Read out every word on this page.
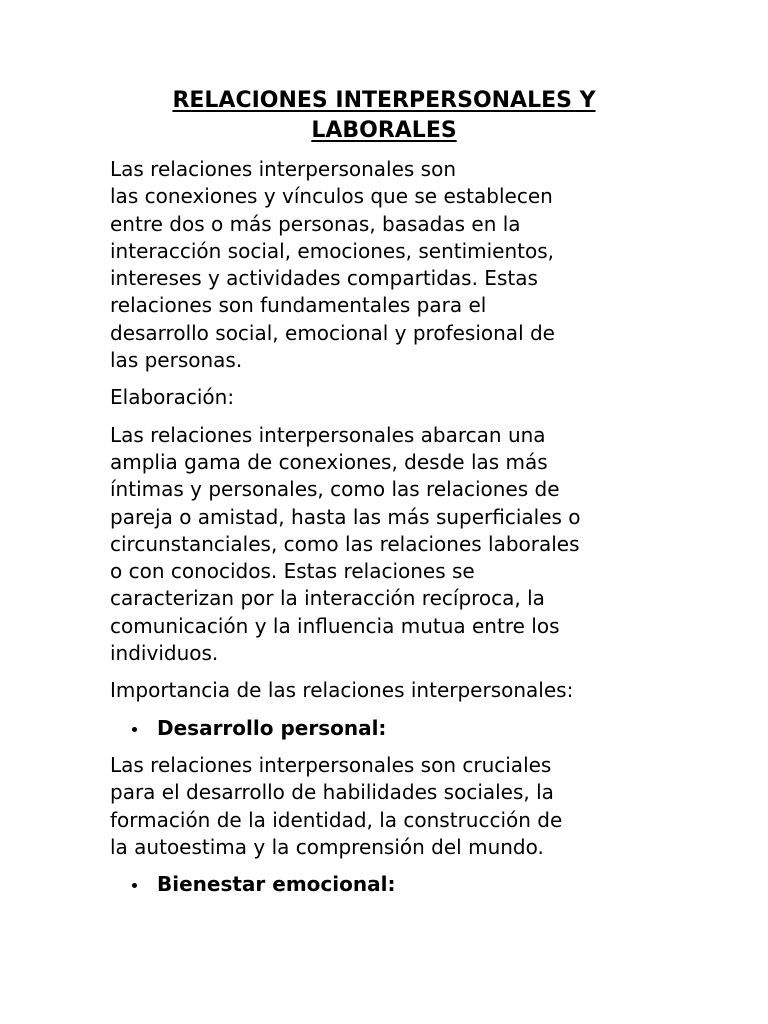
RELACIONES INTERPERSONALES Y
LABORALES

Las relaciones interpersonales son
las conexiones y vínculos que se establecen
entre dos o más personas, basadas en la
interacción social, emociones, sentimientos,
intereses y actividades compartidas. Estas
relaciones son fundamentales para el
desarrollo social, emocional y profesional de
las personas.

Elaboración:

Las relaciones interpersonales abarcan una
amplia gama de conexiones, desde las más
íntimas y personales, como las relaciones de
pareja o amistad, hasta las más superficiales o
circunstanciales, como las relaciones laborales
o con conocidos. Estas relaciones se
caracterizan por la interacción recíproca, la
comunicación y la influencia mutua entre los
individuos.

Importancia de las relaciones interpersonales:

Desarrollo personal:

Las relaciones interpersonales son cruciales
para el desarrollo de habilidades sociales, la
formación de la identidad, la construcción de
la autoestima y la comprensión del mundo.

Bienestar emocional:
